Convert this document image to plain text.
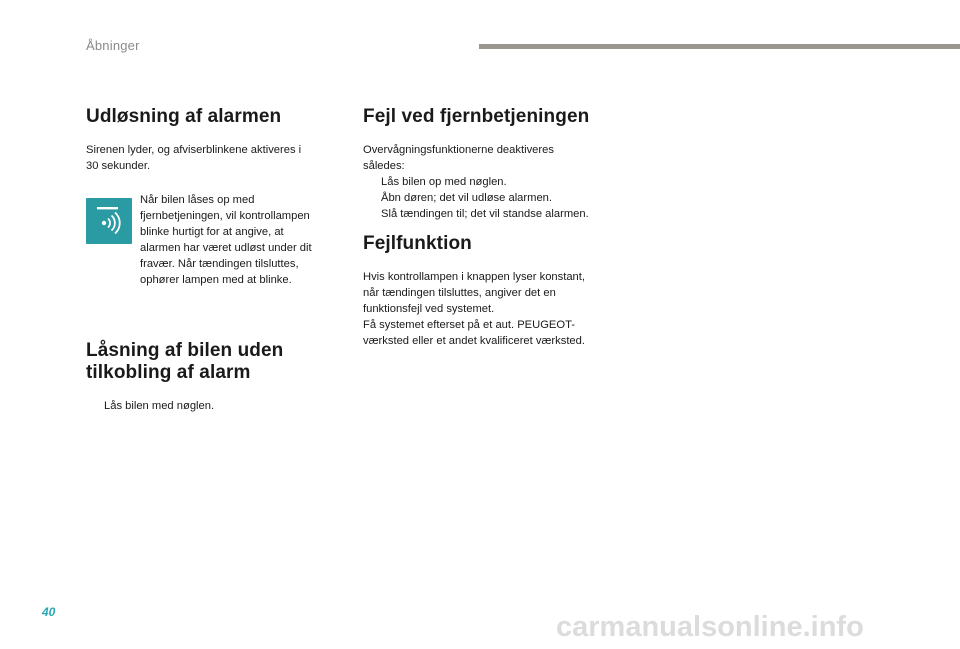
Åbninger
Udløsning af alarmen
Sirenen lyder, og afviserblinkene aktiveres i
30 sekunder.
Når bilen låses op med
fjernbetjeningen, vil kontrollampen
blinke hurtigt for at angive, at
alarmen har været udløst under dit
fravær. Når tændingen tilsluttes,
ophører lampen med at blinke.
Låsning af bilen uden
tilkobling af alarm
Lås bilen med nøglen.
Fejl ved fjernbetjeningen
Overvågningsfunktionerne deaktiveres
således:
Lås bilen op med nøglen.
Åbn døren; det vil udløse alarmen.
Slå tændingen til; det vil standse alarmen.
Fejlfunktion
Hvis kontrollampen i knappen lyser konstant,
når tændingen tilsluttes, angiver det en
funktionsfejl ved systemet.
Få systemet efterset på et aut. PEUGEOT-
værksted eller et andet kvalificeret værksted.
40	carmanualsonline.info
